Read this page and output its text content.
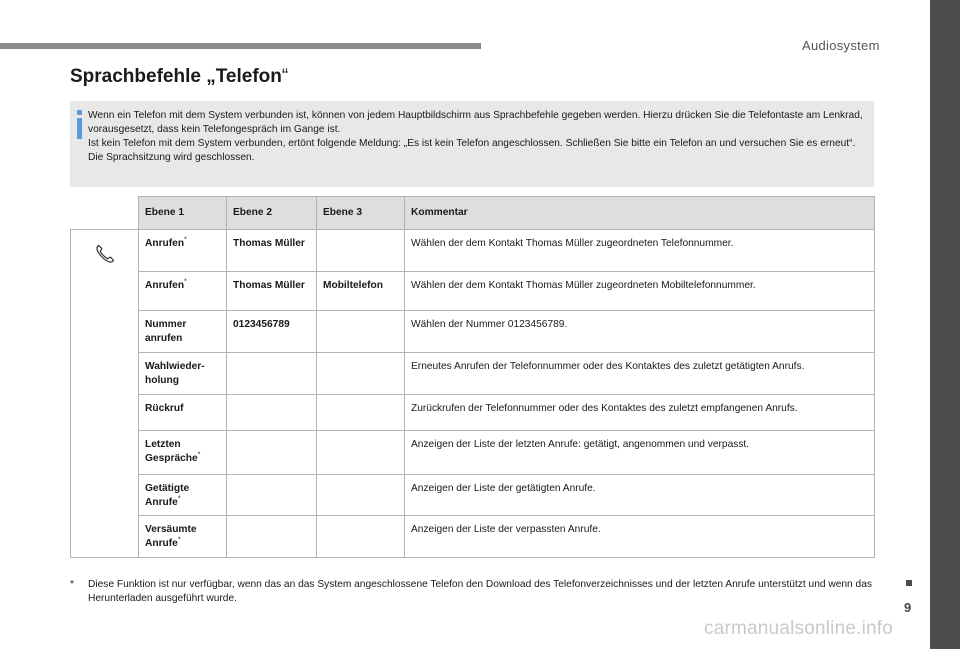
Audiosystem
9
Sprachbefehle „Telefon“

Wenn ein Telefon mit dem System verbunden ist, können von jedem Hauptbildschirm aus Sprachbefehle gegeben werden. Hierzu drücken Sie die Telefontaste am Lenkrad, vorausgesetzt, dass kein Telefongespräch im Gange ist.

Ist kein Telefon mit dem System verbunden, ertönt folgende Meldung: „Es ist kein Telefon angeschlossen. Schließen Sie bitte ein Telefon an und versuchen Sie es erneut“. Die Sprachsitzung wird geschlossen.

	Ebene 1	Ebene 2	Ebene 3	Kommentar
	Anrufen*	Thomas Müller		Wählen der dem Kontakt Thomas Müller zugeordneten Telefonnummer.
	Anrufen*	Thomas Müller	Mobiltelefon	Wählen der dem Kontakt Thomas Müller zugeordneten Mobiltelefonnummer.
	Nummer
anrufen	0123456789		Wählen der Nummer 0123456789.
	Wahlwieder-
holung			Erneutes Anrufen der Telefonnummer oder des Kontaktes des zuletzt getätigten Anrufs.
	Rückruf			Zurückrufen der Telefonnummer oder des Kontaktes des zuletzt empfangenen Anrufs.
	Letzten
Gespräche*			Anzeigen der Liste der letzten Anrufe: getätigt, angenommen und verpasst.
	Getätigte
Anrufe*			Anzeigen der Liste der getätigten Anrufe.
	Versäumte
Anrufe*			Anzeigen der Liste der verpassten Anrufe.
* Diese Funktion ist nur verfügbar, wenn das an das System angeschlossene Telefon den Download des Telefonverzeichnisses und der letzten Anrufe unterstützt und wenn das Herunterladen ausgeführt wurde.
carmanualsonline.info
